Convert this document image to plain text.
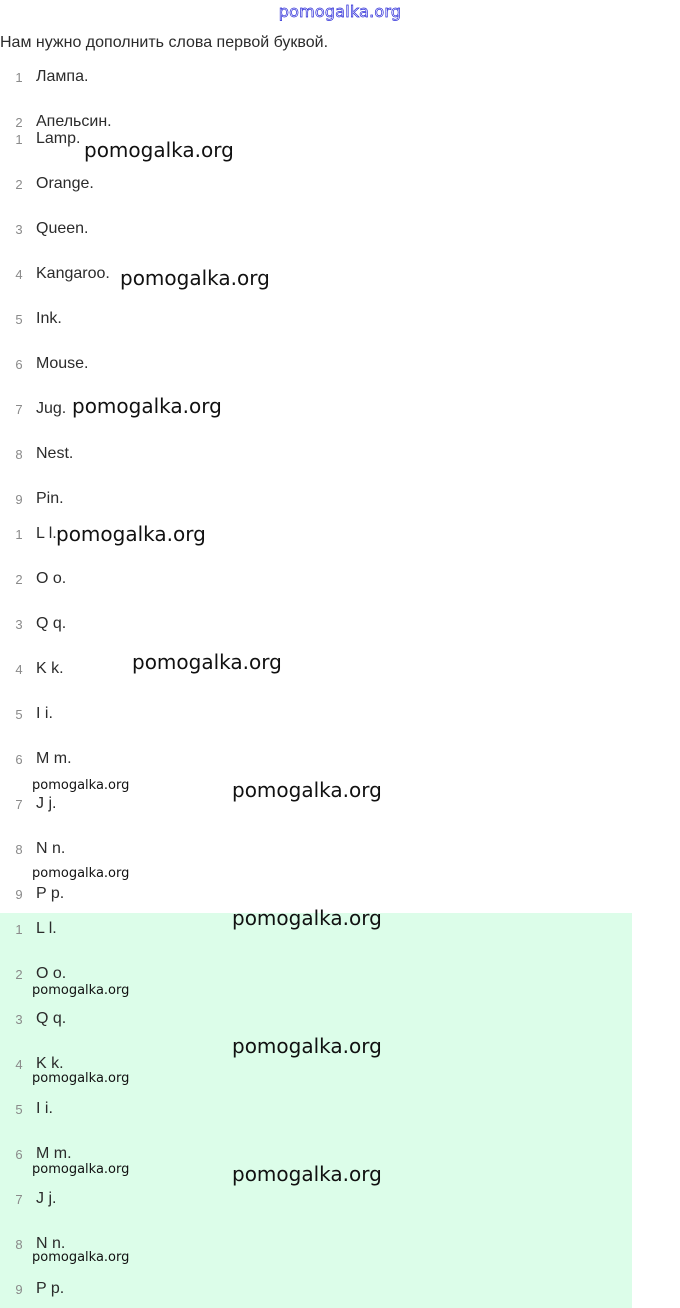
pomogalka.org
Нам нужно дополнить слова первой буквой.
1 Лампа.
2 Апельсин.
1 Lamp.
2 Orange.
3 Queen.
4 Kangaroo.
5 Ink.
6 Mouse.
7 Jug.
8 Nest.
9 Pin.
1 L l.
2 O o.
3 Q q.
4 K k.
5 I i.
6 M m.
7 J j.
8 N n.
9 P p.
1 L l.
2 O o.
3 Q q.
4 K k.
5 I i.
6 M m.
7 J j.
8 N n.
9 P p.
pomogalka.org
pomogalka.org
pomogalka.org
pomogalka.org
pomogalka.org
pomogalka.org
pomogalka.org
pomogalka.org
pomogalka.org
pomogalka.org
pomogalka.org
pomogalka.org
pomogalka.org
pomogalka.org
pomogalka.org
